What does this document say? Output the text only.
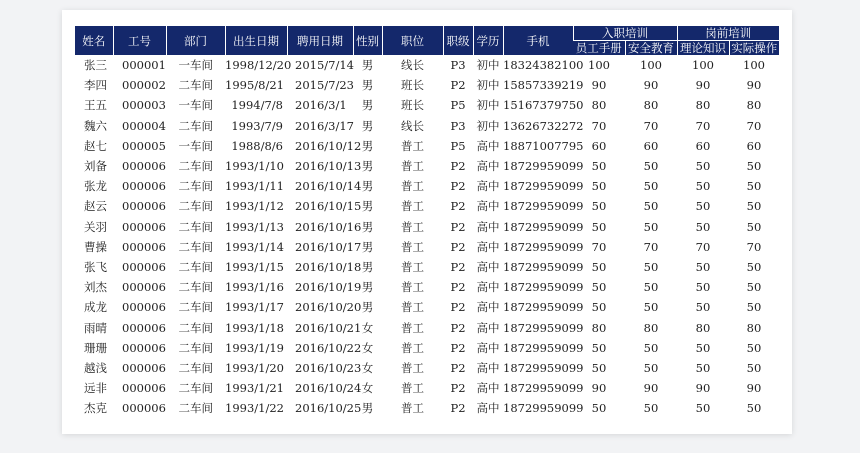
姓名	工号	部门	出生日期	聘用日期	性别	职位	职级	学历	手机	入职培训		岗前培训	
										员工手册	安全教育	理论知识	实际操作
张三	000001	一车间	1998/12/20	2015/7/14	男	线长	P3	初中	18324382100	100	100	100	100
李四	000002	二车间	1995/8/21	2015/7/23	男	班长	P2	初中	15857339219	90	90	90	90
王五	000003	一车间	1994/7/8	2016/3/1	男	班长	P5	初中	15167379750	80	80	80	80
魏六	000004	二车间	1993/7/9	2016/3/17	男	线长	P3	初中	13626732272	70	70	70	70
赵七	000005	一车间	1988/8/6	2016/10/12	男	普工	P5	高中	18871007795	60	60	60	60
刘备	000006	二车间	1993/1/10	2016/10/13	男	普工	P2	高中	18729959099	50	50	50	50
张龙	000006	二车间	1993/1/11	2016/10/14	男	普工	P2	高中	18729959099	50	50	50	50
赵云	000006	二车间	1993/1/12	2016/10/15	男	普工	P2	高中	18729959099	50	50	50	50
关羽	000006	二车间	1993/1/13	2016/10/16	男	普工	P2	高中	18729959099	50	50	50	50
曹操	000006	二车间	1993/1/14	2016/10/17	男	普工	P2	高中	18729959099	70	70	70	70
张飞	000006	二车间	1993/1/15	2016/10/18	男	普工	P2	高中	18729959099	50	50	50	50
刘杰	000006	二车间	1993/1/16	2016/10/19	男	普工	P2	高中	18729959099	50	50	50	50
成龙	000006	二车间	1993/1/17	2016/10/20	男	普工	P2	高中	18729959099	50	50	50	50
雨晴	000006	二车间	1993/1/18	2016/10/21	女	普工	P2	高中	18729959099	80	80	80	80
珊珊	000006	二车间	1993/1/19	2016/10/22	女	普工	P2	高中	18729959099	50	50	50	50
越浅	000006	二车间	1993/1/20	2016/10/23	女	普工	P2	高中	18729959099	50	50	50	50
远非	000006	二车间	1993/1/21	2016/10/24	女	普工	P2	高中	18729959099	90	90	90	90
杰克	000006	二车间	1993/1/22	2016/10/25	男	普工	P2	高中	18729959099	50	50	50	50
